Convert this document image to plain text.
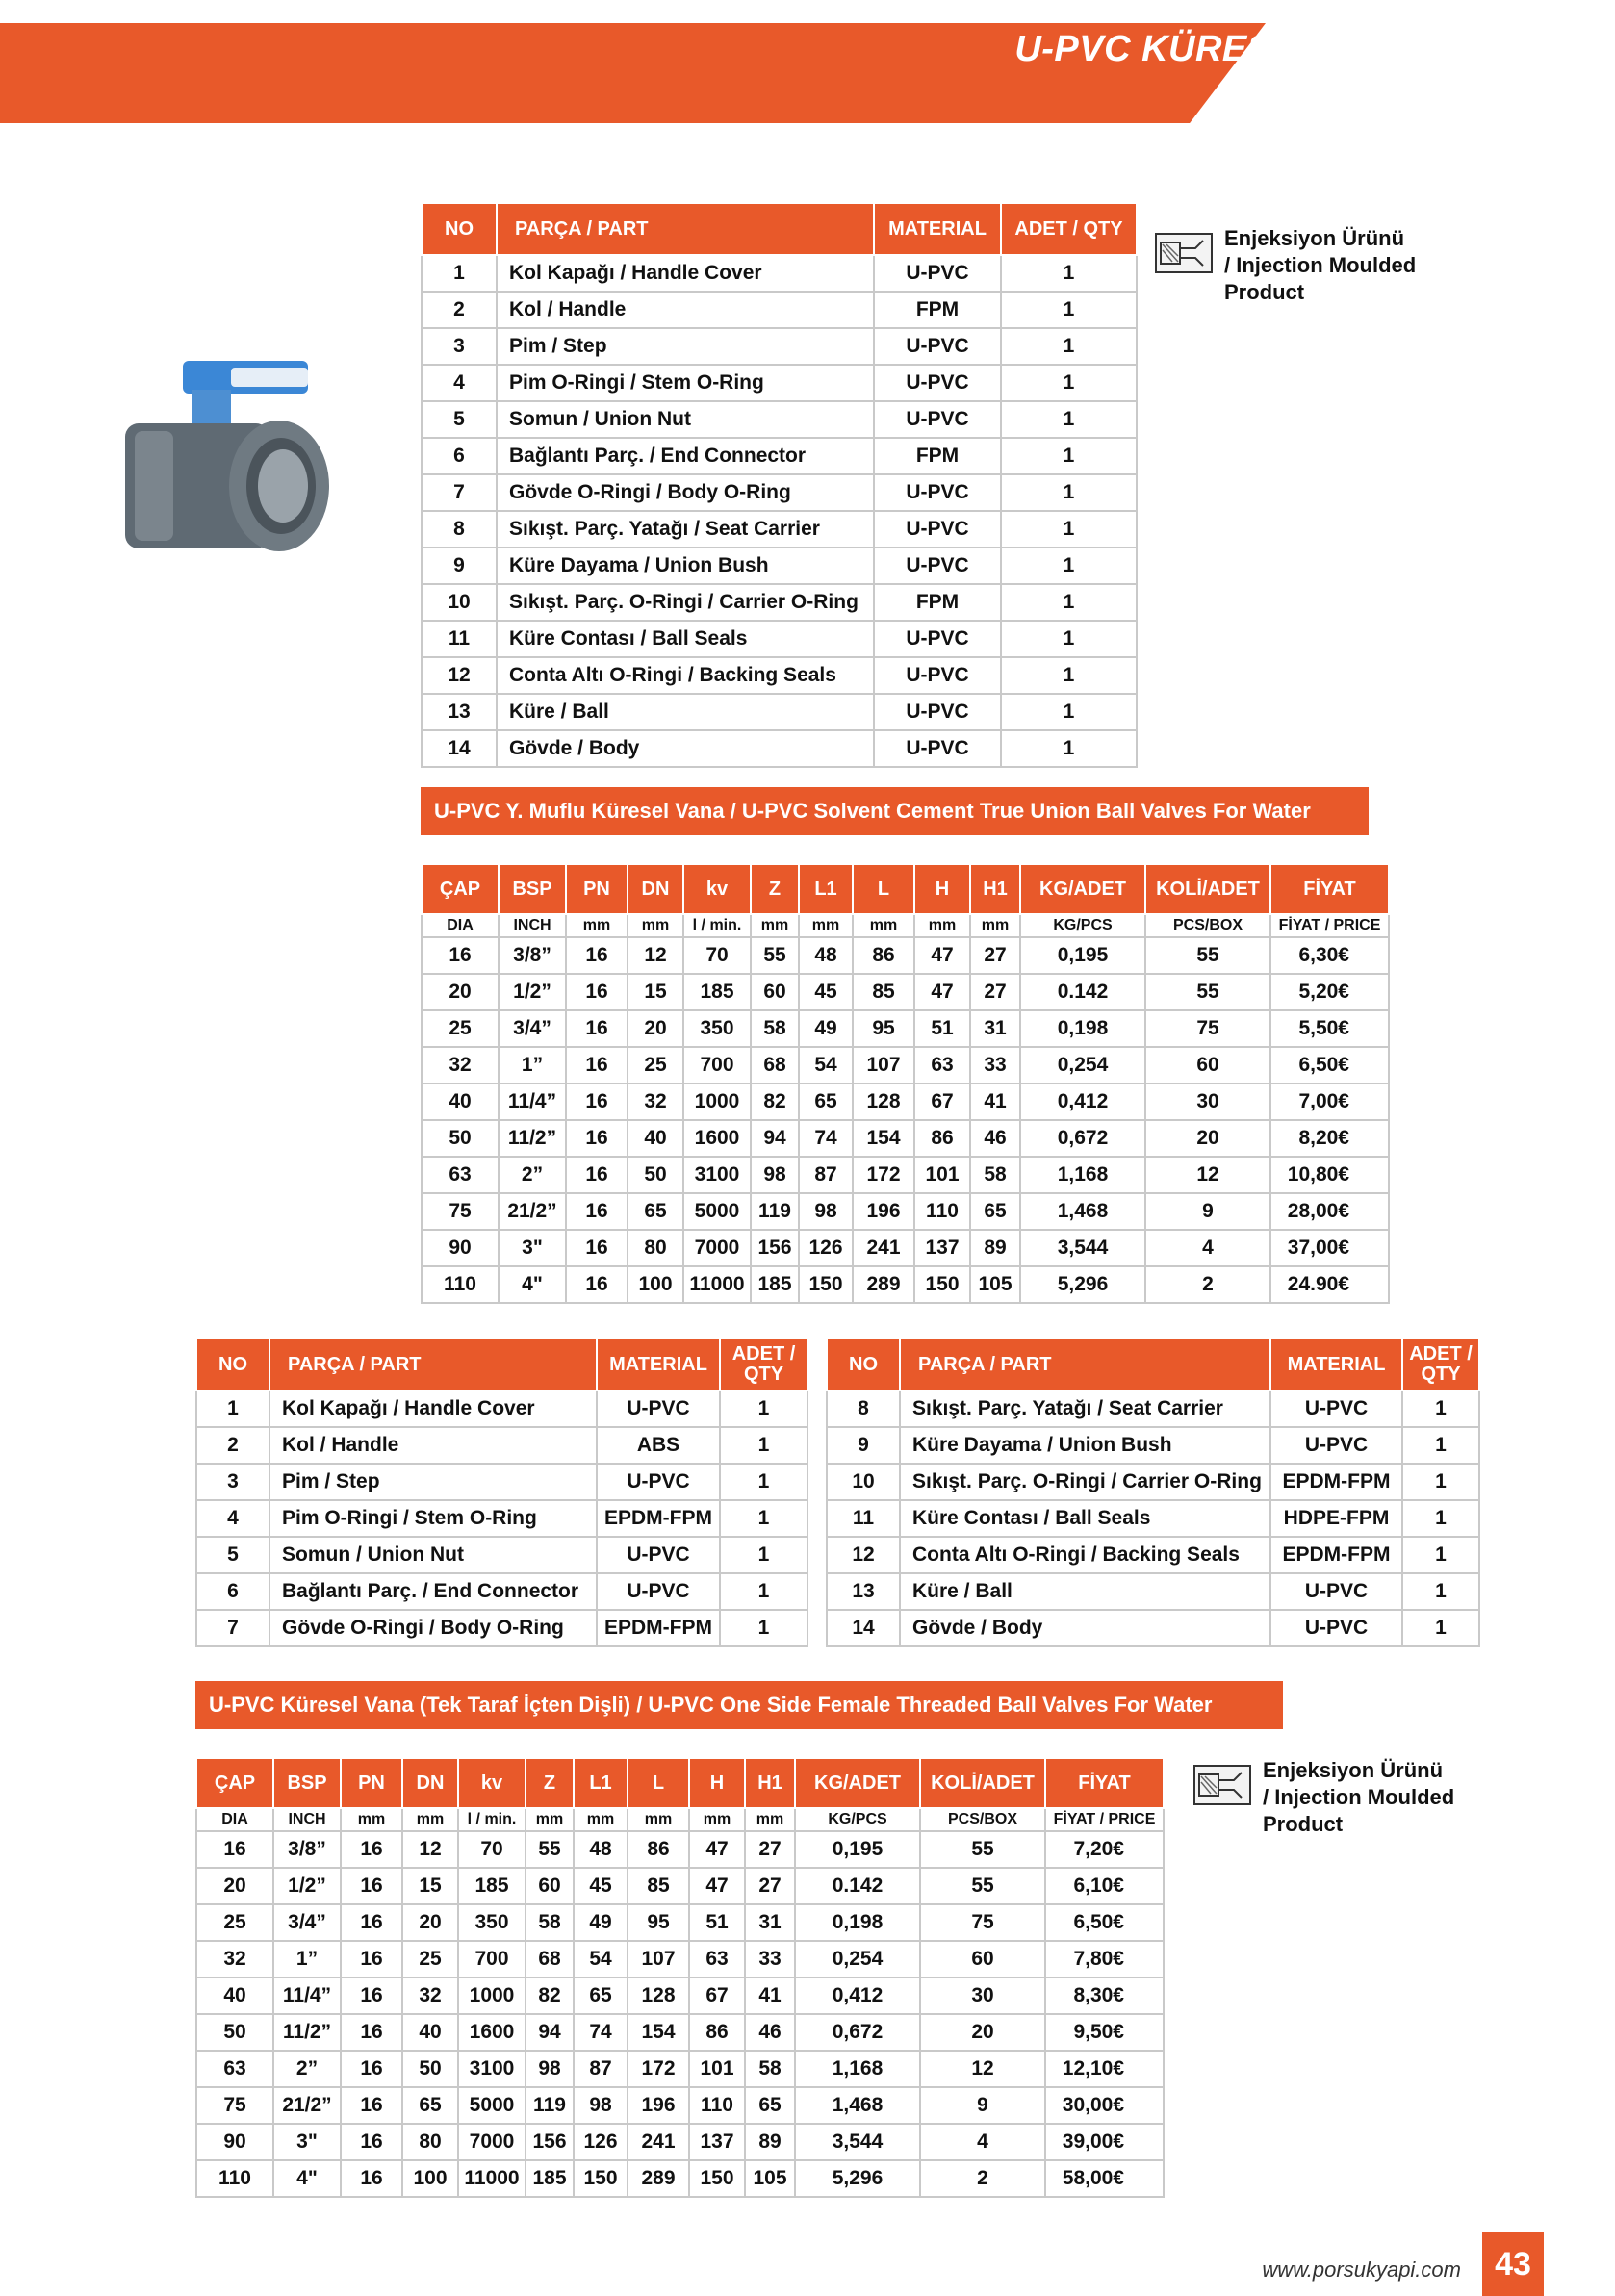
U-PVC KÜRESEL VANALAR
Enjeksiyon Ürünü
/ Injection Moulded
Product
NO	PARÇA / PART	MATERIAL	ADET / QTY
1	Kol Kapağı / Handle Cover	U-PVC	1
2	Kol / Handle	FPM	1
3	Pim / Step	U-PVC	1
4	Pim O-Ringi / Stem O-Ring	U-PVC	1
5	Somun / Union Nut	U-PVC	1
6	Bağlantı Parç. / End Connector	FPM	1
7	Gövde O-Ringi / Body O-Ring	U-PVC	1
8	Sıkışt. Parç. Yatağı / Seat Carrier	U-PVC	1
9	Küre Dayama / Union Bush	U-PVC	1
10	Sıkışt. Parç. O-Ringi / Carrier O-Ring	FPM	1
11	Küre Contası / Ball Seals	U-PVC	1
12	Conta Altı O-Ringi / Backing Seals	U-PVC	1
13	Küre / Ball	U-PVC	1
14	Gövde / Body	U-PVC	1
U-PVC Y. Muflu Küresel Vana / U-PVC Solvent Cement True Union Ball Valves For Water
ÇAP	BSP	PN	DN	kv	Z	L1	L	H	H1	KG/ADET	KOLİ/ADET	FİYAT
DIA	INCH	mm	mm	l / min.	mm	mm	mm	mm	mm	KG/PCS	PCS/BOX	FİYAT / PRICE
16	3/8”	16	12	70	55	48	86	47	27	0,195	55	6,30€
20	1/2”	16	15	185	60	45	85	47	27	0.142	55	5,20€
25	3/4”	16	20	350	58	49	95	51	31	0,198	75	5,50€
32	1”	16	25	700	68	54	107	63	33	0,254	60	6,50€
40	11/4”	16	32	1000	82	65	128	67	41	0,412	30	7,00€
50	11/2”	16	40	1600	94	74	154	86	46	0,672	20	8,20€
63	2”	16	50	3100	98	87	172	101	58	1,168	12	10,80€
75	21/2”	16	65	5000	119	98	196	110	65	1,468	9	28,00€
90	3"	16	80	7000	156	126	241	137	89	3,544	4	37,00€
110	4"	16	100	11000	185	150	289	150	105	5,296	2	24.90€
NO	PARÇA / PART	MATERIAL	ADET / QTY
1	Kol Kapağı / Handle Cover	U-PVC	1
2	Kol / Handle	ABS	1
3	Pim / Step	U-PVC	1
4	Pim O-Ringi / Stem O-Ring	EPDM-FPM	1
5	Somun / Union Nut	U-PVC	1
6	Bağlantı Parç. / End Connector	U-PVC	1
7	Gövde O-Ringi / Body O-Ring	EPDM-FPM	1
NO	PARÇA / PART	MATERIAL	ADET / QTY
8	Sıkışt. Parç. Yatağı / Seat Carrier	U-PVC	1
9	Küre Dayama / Union Bush	U-PVC	1
10	Sıkışt. Parç. O-Ringi / Carrier O-Ring	EPDM-FPM	1
11	Küre Contası / Ball Seals	HDPE-FPM	1
12	Conta Altı O-Ringi / Backing Seals	EPDM-FPM	1
13	Küre / Ball	U-PVC	1
14	Gövde / Body	U-PVC	1
U-PVC Küresel Vana (Tek Taraf İçten Dişli) / U-PVC One Side Female Threaded Ball Valves For Water
Enjeksiyon Ürünü
/ Injection Moulded
Product
ÇAP	BSP	PN	DN	kv	Z	L1	L	H	H1	KG/ADET	KOLİ/ADET	FİYAT
DIA	INCH	mm	mm	l / min.	mm	mm	mm	mm	mm	KG/PCS	PCS/BOX	FİYAT / PRICE
16	3/8”	16	12	70	55	48	86	47	27	0,195	55	7,20€
20	1/2”	16	15	185	60	45	85	47	27	0.142	55	6,10€
25	3/4”	16	20	350	58	49	95	51	31	0,198	75	6,50€
32	1”	16	25	700	68	54	107	63	33	0,254	60	7,80€
40	11/4”	16	32	1000	82	65	128	67	41	0,412	30	8,30€
50	11/2”	16	40	1600	94	74	154	86	46	0,672	20	9,50€
63	2”	16	50	3100	98	87	172	101	58	1,168	12	12,10€
75	21/2”	16	65	5000	119	98	196	110	65	1,468	9	30,00€
90	3"	16	80	7000	156	126	241	137	89	3,544	4	39,00€
110	4"	16	100	11000	185	150	289	150	105	5,296	2	58,00€
www.porsukyapi.com	43
